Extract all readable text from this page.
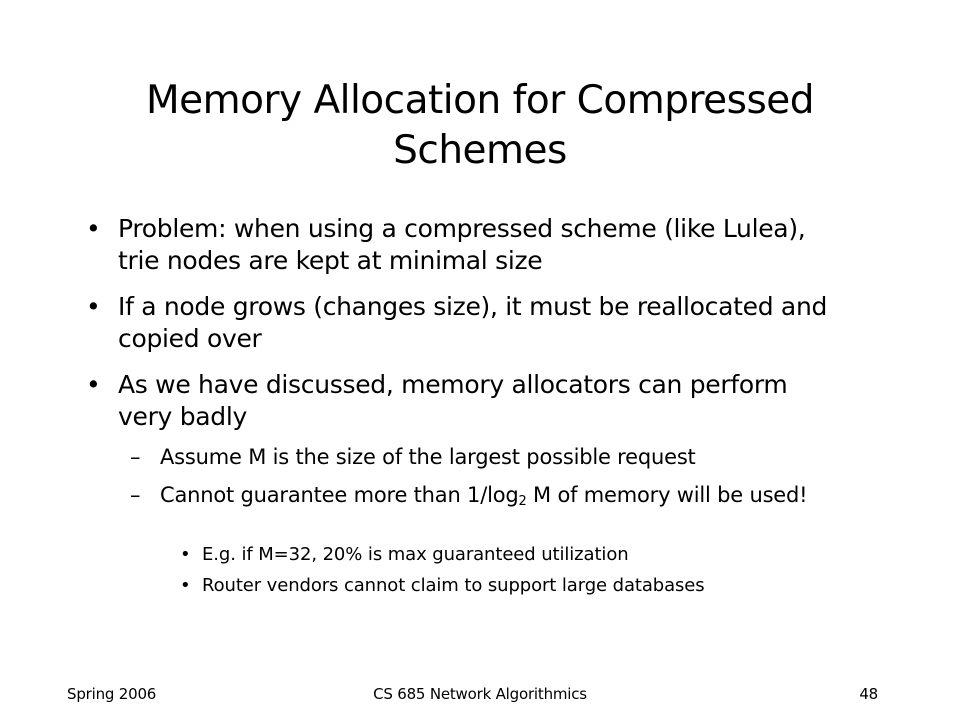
Memory Allocation for Compressed Schemes
• Problem: when using a compressed scheme (like Lulea), trie nodes are kept at minimal size
• If a node grows (changes size), it must be reallocated and copied over
• As we have discussed, memory allocators can perform very badly
– Assume M is the size of the largest possible request
– Cannot guarantee more than $1/\log_2$ M of memory will be used!
• E.g. if M=32, 20% is max guaranteed utilization
• Router vendors cannot claim to support large databases
Spring 2006	CS 685 Network Algorithmics	48
